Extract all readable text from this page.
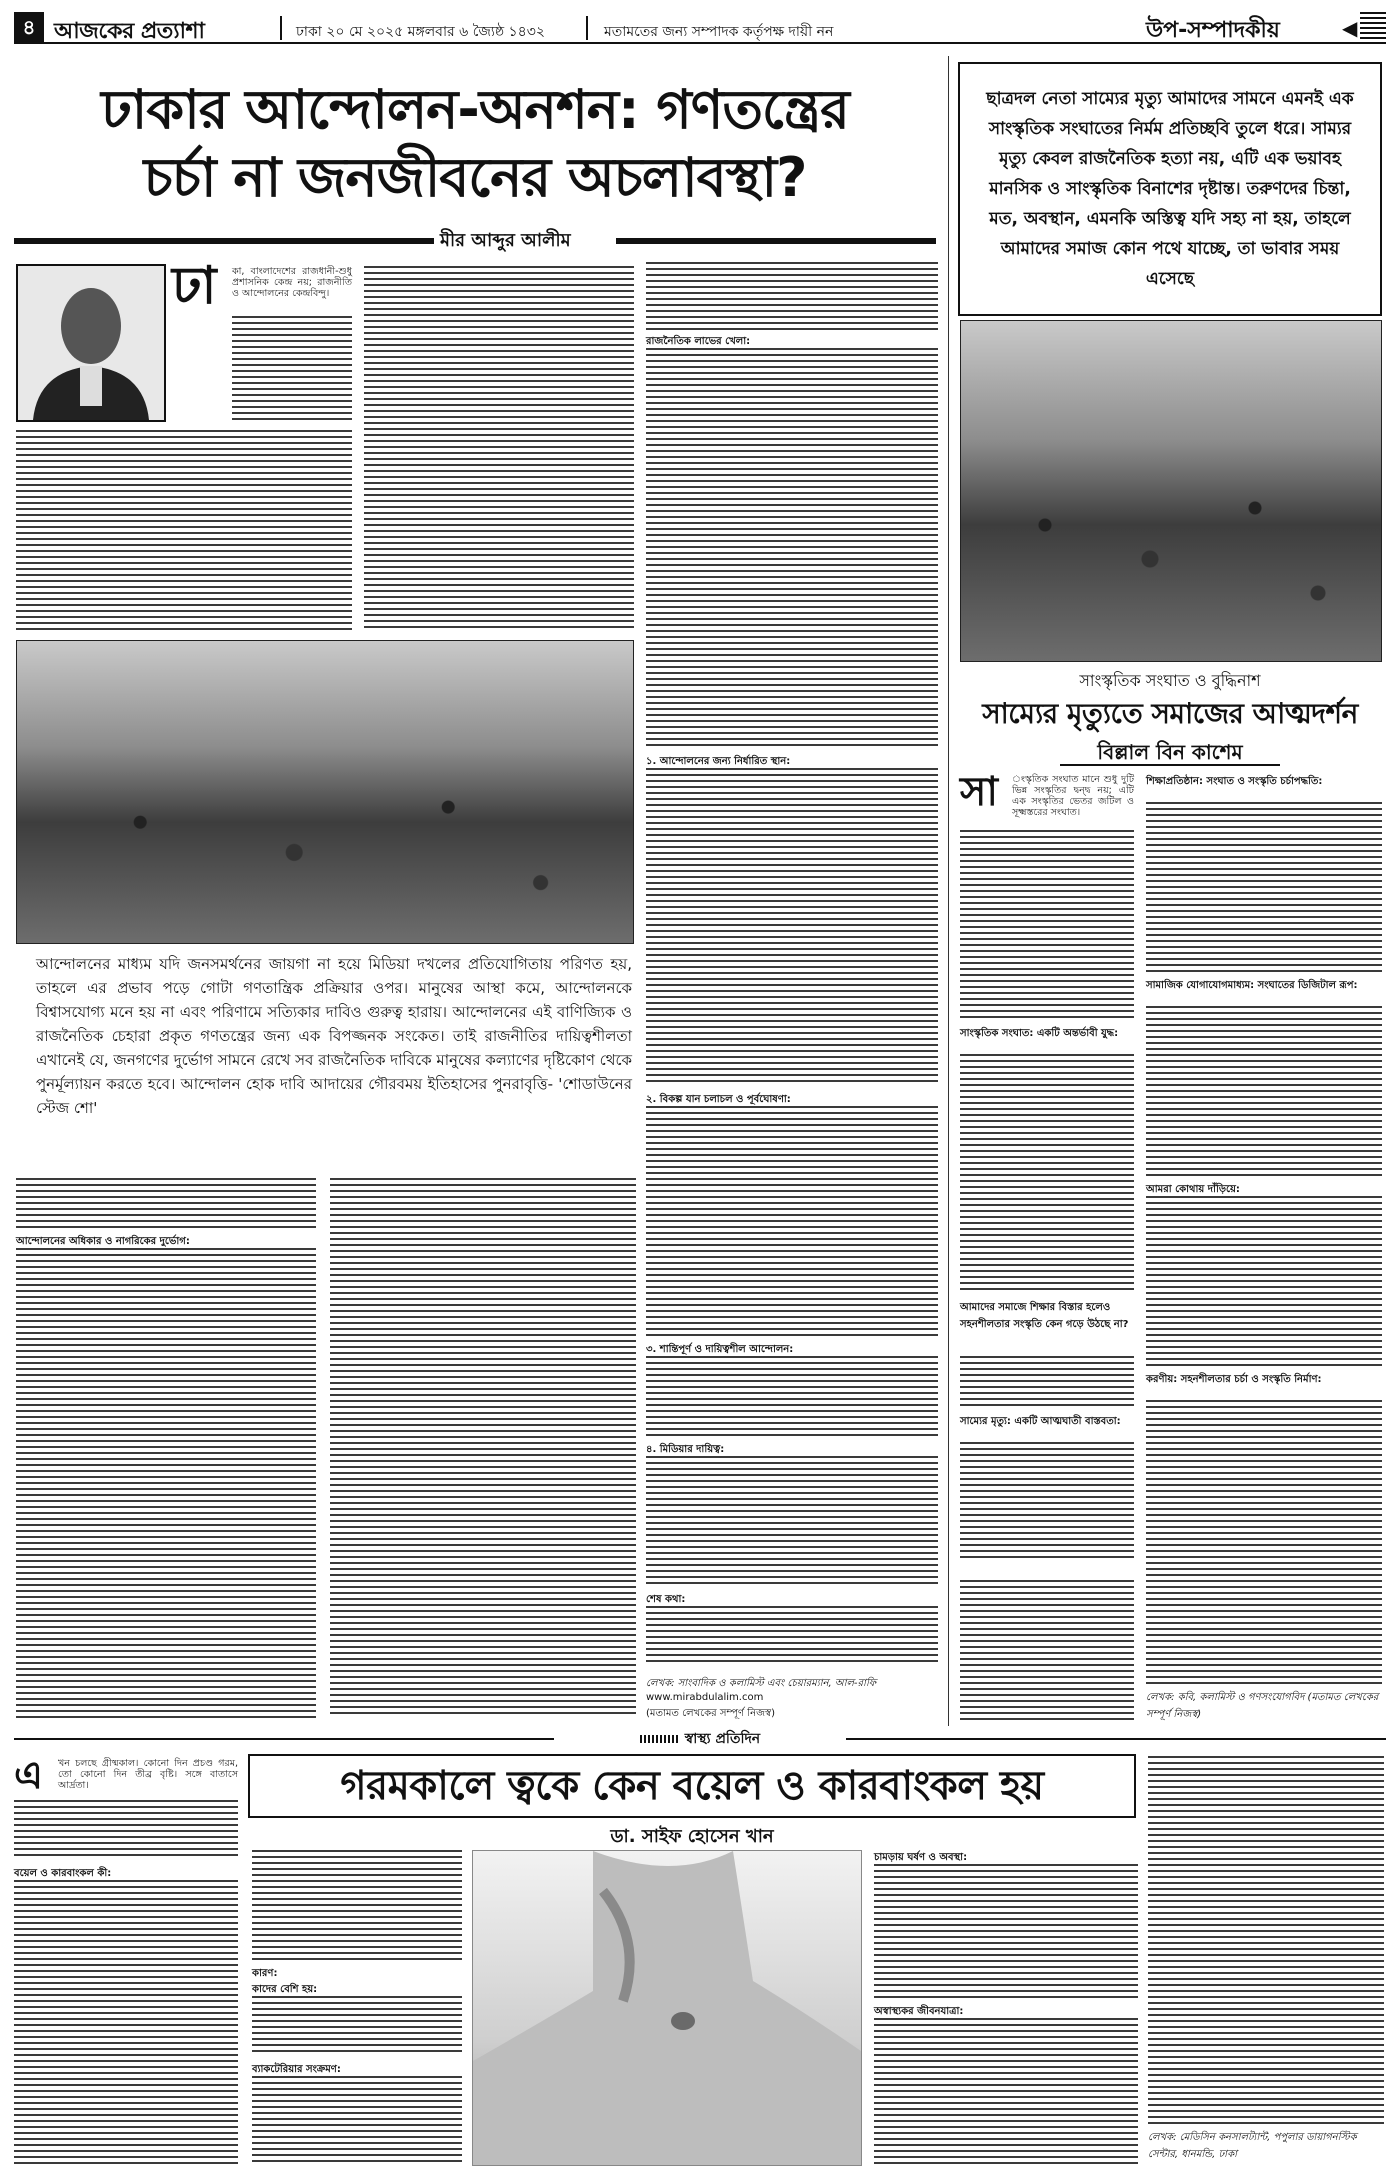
৪ আজকের প্রত্যাশা	ঢাকা ২০ মে ২০২৫ মঙ্গলবার ৬ জ্যৈষ্ঠ ১৪৩২	মতামতের জন্য সম্পাদক কর্তৃপক্ষ দায়ী নন	উপ-সম্পাদকীয়	◀
ঢাকার আন্দোলন-অনশন: গণতন্ত্রের
চর্চা না জনজীবনের অচলাবস্থা?
মীর আব্দুর আলীম
ঢা কা, বাংলাদেশের রাজধানী-শুধু প্রশাসনিক কেন্দ্র নয়; রাজনীতি ও আন্দোলনের কেন্দ্রবিন্দু।

রাজনৈতিক লাভের খেলা:
আন্দোলনের মাধ্যম যদি জনসমর্থনের জায়গা না হয়ে মিডিয়া দখলের প্রতিযোগিতায় পরিণত হয়, তাহলে এর প্রভাব পড়ে গোটা গণতান্ত্রিক প্রক্রিয়ার ওপর। মানুষের আস্থা কমে, আন্দোলনকে বিশ্বাসযোগ্য মনে হয় না এবং পরিণামে সত্যিকার দাবিও গুরুত্ব হারায়। আন্দোলনের এই বাণিজ্যিক ও রাজনৈতিক চেহারা প্রকৃত গণতন্ত্রের জন্য এক বিপজ্জনক সংকেত। তাই রাজনীতির দায়িত্বশীলতা এখানেই যে, জনগণের দুর্ভোগ সামনে রেখে সব রাজনৈতিক দাবিকে মানুষের কল্যাণের দৃষ্টিকোণ থেকে পুনর্মূল্যায়ন করতে হবে। আন্দোলন হোক দাবি আদায়ের গৌরবময় ইতিহাসের পুনরাবৃত্তি- 'শোডাউনের স্টেজ শো'
১. আন্দোলনের জন্য নির্ধারিত স্থান:
২. বিকল্প যান চলাচল ও পূর্বঘোষণা:
আন্দোলনের অধিকার ও নাগরিকের দুর্ভোগ:
৩. শান্তিপূর্ণ ও দায়িত্বশীল আন্দোলন:
৪. মিডিয়ার দায়িত্ব:
শেষ কথা:
লেখক: সাংবাদিক ও কলামিস্ট এবং চেয়ারম্যান, আল-রাফি
www.mirabdulalim.com
(মতামত লেখকের সম্পূর্ণ নিজস্ব)
ছাত্রদল নেতা সাম্যের মৃত্যু আমাদের সামনে এমনই এক সাংস্কৃতিক সংঘাতের নির্মম প্রতিচ্ছবি তুলে ধরে। সাম্যর মৃত্যু কেবল রাজনৈতিক হত্যা নয়, এটি এক ভয়াবহ মানসিক ও সাংস্কৃতিক বিনাশের দৃষ্টান্ত। তরুণদের চিন্তা, মত, অবস্থান, এমনকি অস্তিত্ব যদি সহ্য না হয়, তাহলে আমাদের সমাজ কোন পথে যাচ্ছে, তা ভাবার সময় এসেছে
সাংস্কৃতিক সংঘাত ও বুদ্ধিনাশ
সাম্যের মৃত্যুতে সমাজের আত্মদর্শন
বিল্লাল বিন কাশেম
সা ংস্কৃতিক সংঘাত মানে শুধু দুটি ভিন্ন সংস্কৃতির দ্বন্দ্ব নয়; এটি এক সংস্কৃতির ভেতর জটিল ও সূক্ষ্মস্তরের সংঘাত।

সাংস্কৃতিক সংঘাত: একটি অন্তর্ভাবী যুদ্ধ:
আমাদের সমাজে শিক্ষার বিস্তার হলেও সহনশীলতার সংস্কৃতি কেন গড়ে উঠছে না?
সাম্যের মৃত্যু: একটি আত্মঘাতী বাস্তবতা:
শিক্ষাপ্রতিষ্ঠান: সংঘাত ও সংস্কৃতি চর্চাপদ্ধতি:
সামাজিক যোগাযোগমাধ্যম: সংঘাতের ডিজিটাল রূপ:
আমরা কোথায় দাঁড়িয়ে:
করণীয়: সহনশীলতার চর্চা ও সংস্কৃতি নির্মাণ:
লেখক: কবি, কলামিস্ট ও গণসংযোগবিদ (মতামত লেখকের সম্পূর্ণ নিজস্ব)
স্বাস্থ্য প্রতিদিন
এ খন চলছে গ্রীষ্মকাল। কোনো দিন প্রচণ্ড গরম, তো কোনো দিন তীব্র বৃষ্টি। সঙ্গে বাতাসে আর্দ্রতা।

বয়েল ও কারবাংকল কী:
গরমকালে ত্বকে কেন বয়েল ও কারবাংকল হয়
ডা. সাইফ হোসেন খান
কারণ:
কাদের বেশি হয়:
ব্যাকটেরিয়ার সংক্রমণ:
চামড়ায় ঘর্ষণ ও অবস্থা:
অস্বাস্থ্যকর জীবনযাত্রা:
লেখক: মেডিসিন কনসালট্যান্ট, পপুলার ডায়াগনস্টিক সেন্টার, ধানমন্ডি, ঢাকা
